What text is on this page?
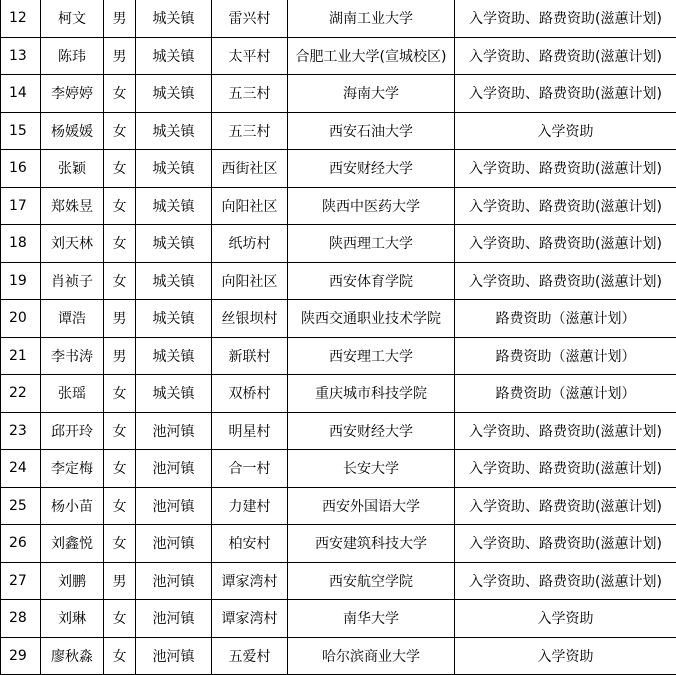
12	柯文	男	城关镇	雷兴村	湖南工业大学	入学资助、路费资助(滋蕙计划)
13	陈玮	男	城关镇	太平村	合肥工业大学(宣城校区)	入学资助、路费资助(滋蕙计划)
14	李婷婷	女	城关镇	五三村	海南大学	入学资助、路费资助(滋蕙计划)
15	杨媛媛	女	城关镇	五三村	西安石油大学	入学资助
16	张颖	女	城关镇	西街社区	西安财经大学	入学资助、路费资助(滋蕙计划)
17	郑姝昱	女	城关镇	向阳社区	陕西中医药大学	入学资助、路费资助(滋蕙计划)
18	刘天林	女	城关镇	纸坊村	陕西理工大学	入学资助、路费资助(滋蕙计划)
19	肖祯子	女	城关镇	向阳社区	西安体育学院	入学资助、路费资助(滋蕙计划)
20	谭浩	男	城关镇	丝银坝村	陕西交通职业技术学院	路费资助（滋蕙计划）
21	李书涛	男	城关镇	新联村	西安理工大学	路费资助（滋蕙计划）
22	张瑶	女	城关镇	双桥村	重庆城市科技学院	路费资助（滋蕙计划）
23	邱开玲	女	池河镇	明星村	西安财经大学	入学资助、路费资助(滋蕙计划)
24	李定梅	女	池河镇	合一村	长安大学	入学资助、路费资助(滋蕙计划)
25	杨小苗	女	池河镇	力建村	西安外国语大学	入学资助、路费资助(滋蕙计划)
26	刘鑫悦	女	池河镇	柏安村	西安建筑科技大学	入学资助、路费资助(滋蕙计划)
27	刘鹏	男	池河镇	谭家湾村	西安航空学院	入学资助、路费资助(滋蕙计划)
28	刘琳	女	池河镇	谭家湾村	南华大学	入学资助
29	廖秋淼	女	池河镇	五爱村	哈尔滨商业大学	入学资助
